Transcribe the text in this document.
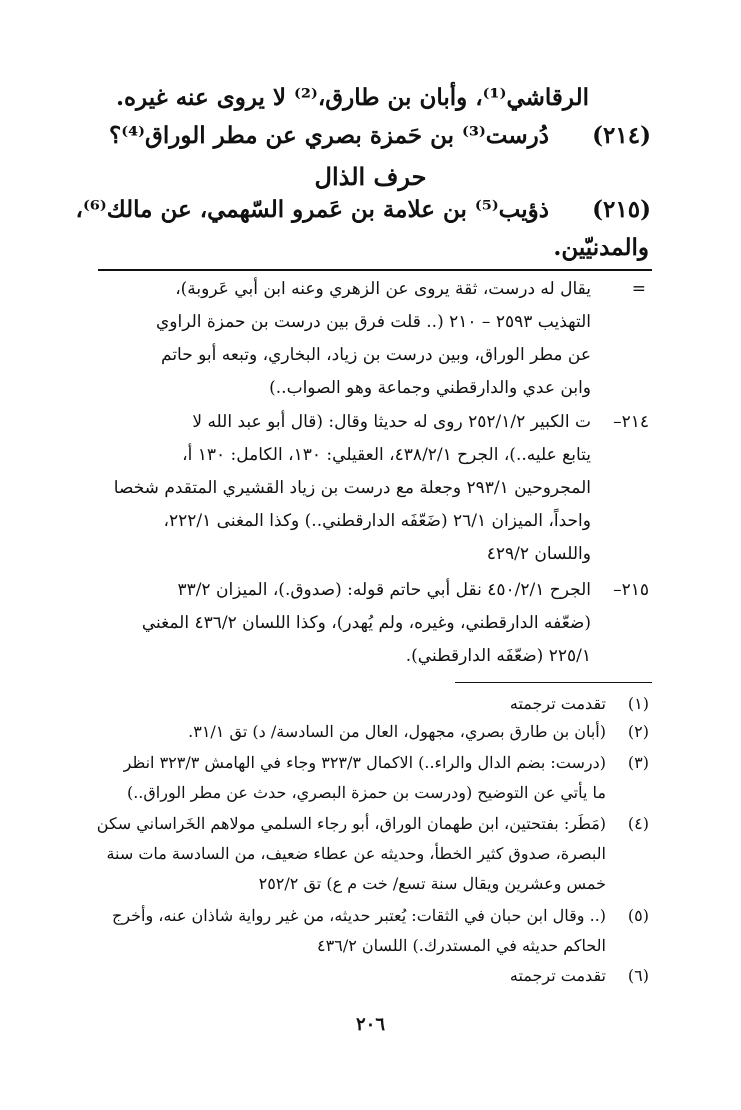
الرقاشي⁽¹⁾، وأبان بن طارق،⁽²⁾ لا يروى عنه غيره.
(٢١٤)
دُرست⁽³⁾ بن حَمزة بصري عن مطر الوراق⁽⁴⁾؟
حرف الذال
(٢١٥)
ذؤيب⁽⁵⁾ بن علامة بن عَمرو السّهمي، عن مالك⁽⁶⁾،
والمدنيّين.
=
يقال له درست، ثقة يروى عن الزهري وعنه ابن أبي عَروبة)،
التهذيب ٢٥٩٣ – ٢١٠ (.. قلت فرق بين درست بن حمزة الراوي
عن مطر الوراق، وبين درست بن زياد، البخاري، وتبعه أبو حاتم
وابن عدي والدارقطني وجماعة وهو الصواب..)
٢١٤–
ت الكبير ٢٥٢/١/٢ روى له حديثا وقال: (قال أبو عبد الله لا
يتابع عليه..)، الجرح ٤٣٨/٢/١، العقيلي: ١٣٠، الكامل: ١٣٠ أ،
المجروحين ٢٩٣/١ وجعلة مع درست بن زياد القشيري المتقدم شخصا
واحداً، الميزان ٢٦/١ (ضَعّفَه الدارقطني..) وكذا المغنى ٢٢٢/١،
واللسان ٤٢٩/٢
٢١٥–
الجرح ٤٥٠/٢/١ نقل أبي حاتم قوله: (صدوق.)، الميزان ٣٣/٢
(ضعّفه الدارقطني، وغيره، ولم يُهدر)، وكذا اللسان ٤٣٦/٢ المغني
٢٢٥/١ (ضعّفَه الدارقطني).
(١)
تقدمت ترجمته
(٢)
(أبان بن طارق بصري، مجهول، العال من السادسة/ د) تق ٣١/١.
(٣)
(درست: بضم الدال والراء..) الاكمال ٣٢٣/٣ وجاء في الهامش ٣٢٣/٣ انظر
ما يأتي عن التوضيح (ودرست بن حمزة البصري، حدث عن مطر الوراق..)
(٤)
(مَطَر: بفتحتين، ابن طهمان الوراق، أبو رجاء السلمي مولاهم الخَراساني سكن
البصرة، صدوق كثير الخطأ، وحديثه عن عطاء ضعيف، من السادسة مات سنة
خمس وعشرين ويقال سنة تسع/ خت م ع) تق ٢٥٢/٢
(٥)
(.. وقال ابن حبان في الثقات: يُعتبر حديثه، من غير رواية شاذان عنه، وأخرج
الحاكم حديثه في المستدرك.) اللسان ٤٣٦/٢
(٦)
تقدمت ترجمته
٢٠٦
